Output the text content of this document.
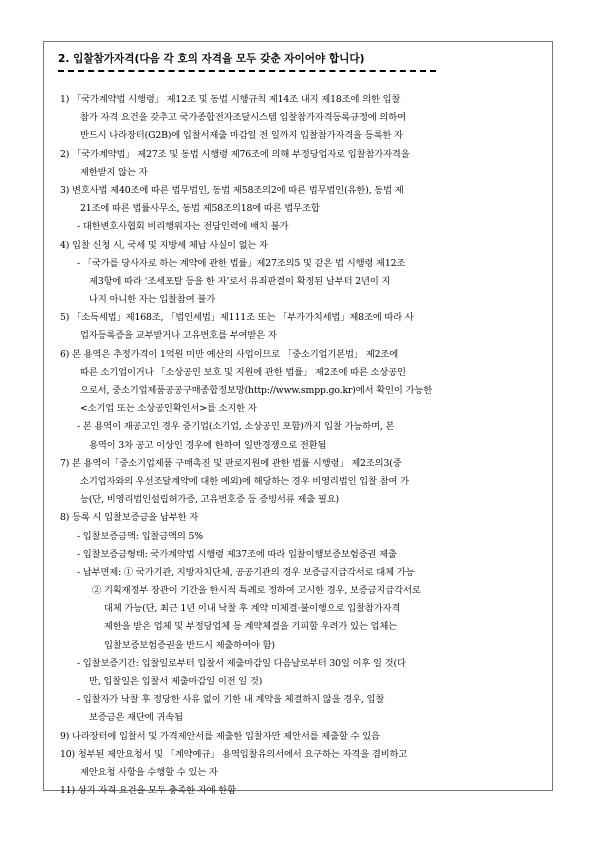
2. 입찰참가자격(다음 각 호의 자격을 모두 갖춘 자이어야 합니다)
1) 「국가계약법 시행령」 제12조 및 동법 시행규칙 제14조 내지 제18조에 의한 입찰
참가 자격 요건을 갖추고 국가종합전자조달시스템 입찰참가자격등록규정에 의하여
반드시 나라장터(G2B)에 입찰서제출 마감일 전 일까지 입찰참가자격을 등록한 자
2) 「국가계약법」 제27조 및 동법 시행령 제76조에 의해 부정당업자로 입찰참가자격을
제한받지 않는 자
3) 변호사법 제40조에 따른 법무법인, 동법 제58조의2에 따른 법무법인(유한), 동법 제
21조에 따른 법률사무소, 동법 제58조의18에 따른 법무조합
- 대한변호사협회 비리행위자는 전담인력에 배치 불가
4) 입찰 신청 시, 국세 및 지방세 체납 사실이 없는 자
- 「국가를 당사자로 하는 계약에 관한 법률」제27조의5 및 같은 법 시행령 제12조
제3항에 따라 ‘조세포탈 등을 한 자’로서 유죄판결이 확정된 날부터 2년이 지
나지 아니한 자는 입찰참여 불가
5) 「소득세법」제168조, 「법인세법」제111조 또는 「부가가치세법」제8조에 따라 사
업자등록증을 교부받거나 고유번호를 부여받은 자
6) 본 용역은 추정가격이 1억원 미만 예산의 사업이므로 「중소기업기본법」 제2조에
따른 소기업이거나 「소상공인 보호 및 지원에 관한 법률」 제2조에 따른 소상공인
으로서, 중소기업제품공공구매종합정보망(http://www.smpp.go.kr)에서 확인이 가능한
<소기업 또는 소상공인확인서>를 소지한 자
- 본 용역이 재공고인 경우 중기업(소기업, 소상공인 포함)까지 입찰 가능하며, 본
용역이 3차 공고 이상인 경우에 한하여 일반경쟁으로 전환됨
7) 본 용역이「중소기업제품 구매촉진 및 판로지원에 관한 법률 시행령」 제2조의3(중
소기업자와의 우선조달계약에 대한 예외)에 해당하는 경우 비영리법인 입찰 참여 가
능(단, 비영리법인설립허가증, 고유번호증 등 증빙서류 제출 필요)
8) 등록 시 입찰보증금을 납부한 자
- 입찰보증금액: 입찰금액의 5%
- 입찰보증금형태: 국가계약법 시행령 제37조에 따라 입찰이행보증보험증권 제출
- 납부면제: ① 국가기관, 지방자치단체, 공공기관의 경우 보증금지급각서로 대체 가능
② 기획재정부 장관이 기간을 한시적 특례로 정하여 고시한 경우, 보증금지급각서로
대체 가능(단, 최근 1년 이내 낙찰 후 계약 미체결·불이행으로 입찰참가자격
제한을 받은 업체 및 부정당업체 등 계약체결을 기피할 우려가 있는 업체는
입찰보증보험증권을 반드시 제출하여야 함)
- 입찰보증기간: 입찰일로부터 입찰서 제출마감일 다음날로부터 30일 이후 일 것(다
만, 입찰일은 입찰서 제출마감일 이전 일 것)
- 입찰자가 낙찰 후 정당한 사유 없이 기한 내 계약을 체결하지 않을 경우, 입찰
보증금은 재단에 귀속됨
9) 나라장터에 입찰서 및 가격제안서를 제출한 입찰자만 제안서를 제출할 수 있음
10) 청부된 제안요청서 및 「계약예규」 용역입찰유의서에서 요구하는 자격을 겸비하고
제안요청 사항을 수행할 수 있는 자
11) 상기 자격 요건을 모두 충족한 자에 한함
